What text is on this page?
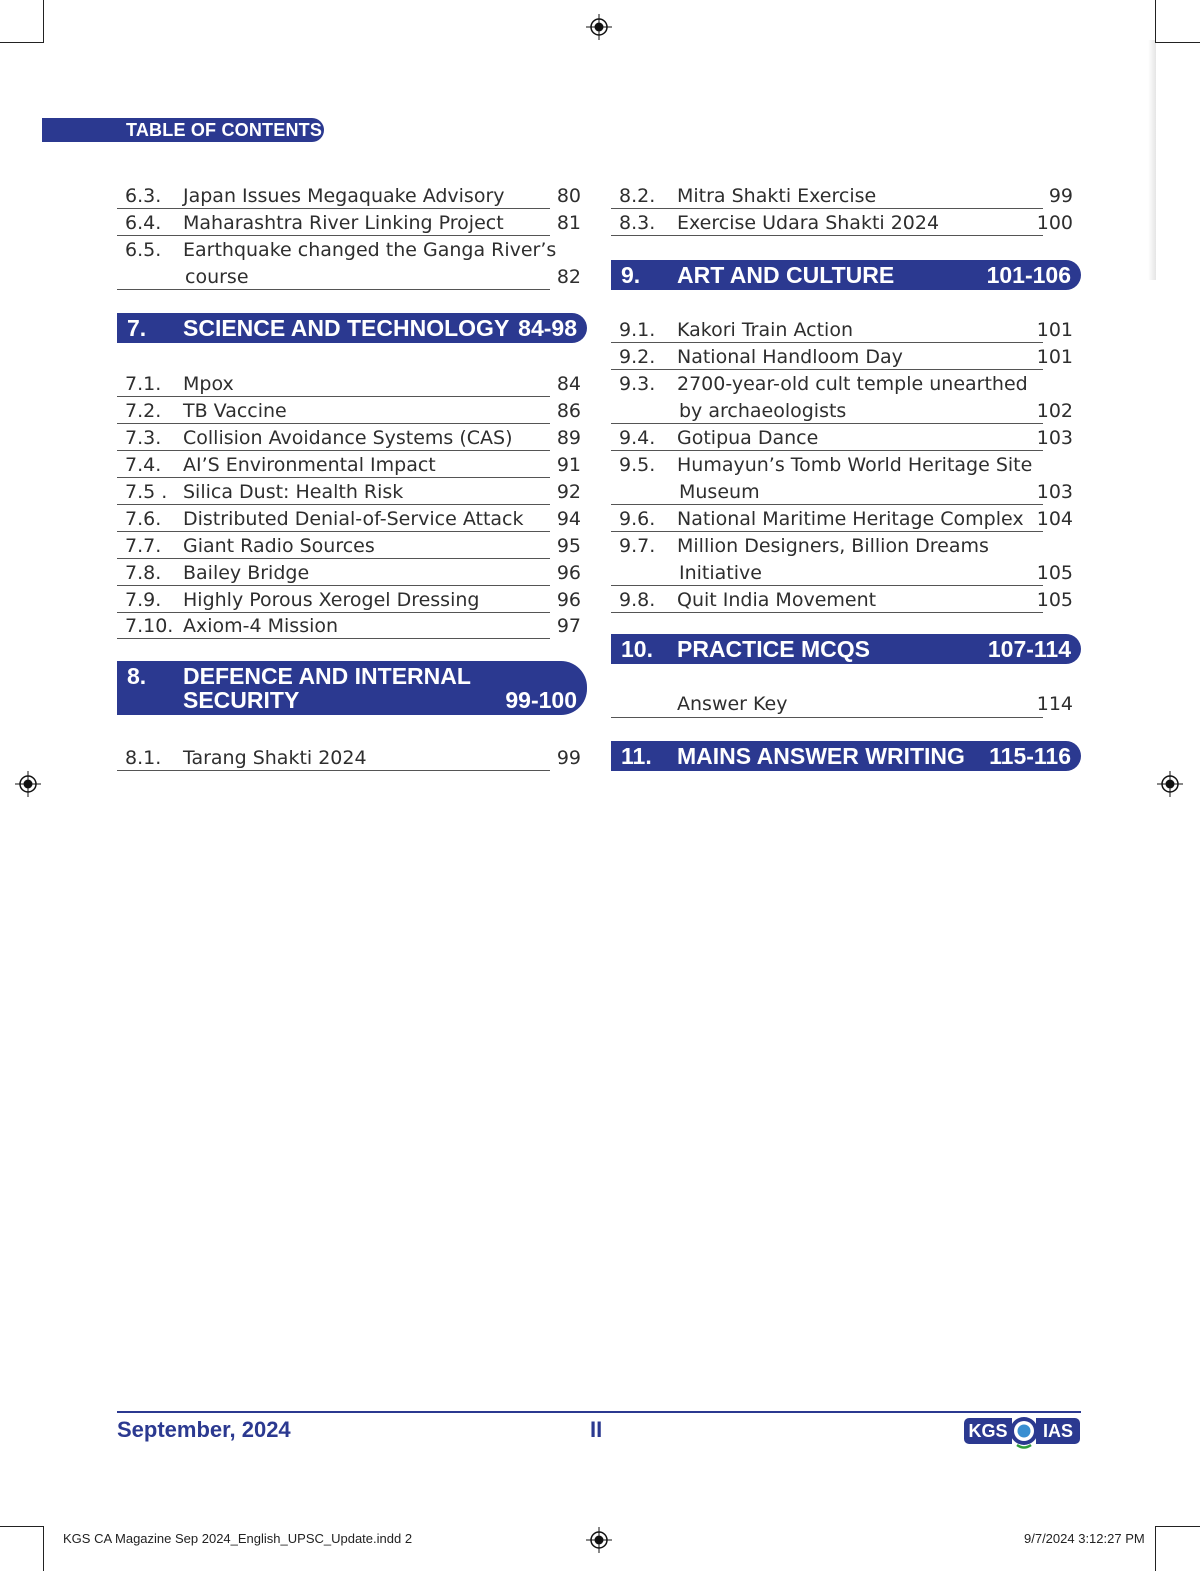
TABLE OF CONTENTS
6.3. Japan Issues Megaquake Advisory	80
6.4. Maharashtra River Linking Project	81
6.5. Earthquake changed the Ganga River’s
course	82
7. SCIENCE AND TECHNOLOGY 84-98
7.1. Mpox	84
7.2. TB Vaccine	86
7.3. Collision Avoidance Systems (CAS) 89
7.4. AI’S Environmental Impact	91
7.5 . Silica Dust: Health Risk	92
7.6. Distributed Denial-of-Service Attack 94
7.7. Giant Radio Sources	95
7.8. Bailey Bridge	96
7.9. Highly Porous Xerogel Dressing	96
7.10. Axiom-4 Mission	97
8. DEFENCE AND INTERNAL
SECURITY	99-100
8.1. Tarang Shakti 2024	99
8.2. Mitra Shakti Exercise	99
8.3. Exercise Udara Shakti 2024	100
9. ART AND CULTURE	101-106
9.1. Kakori Train Action	101
9.2. National Handloom Day	101
9.3. 2700-year-old cult temple unearthed
by archaeologists	102
9.4. Gotipua Dance	103
9.5. Humayun’s Tomb World Heritage Site
Museum	103
9.6. National Maritime Heritage Complex 104
9.7. Million Designers, Billion Dreams
Initiative	105
9.8. Quit India Movement	105
10. PRACTICE MCQS	107-114
Answer Key	114
11. MAINS ANSWER WRITING 115-116
September, 2024	II	KGS	IAS
KGS CA Magazine Sep 2024_English_UPSC_Update.indd 2	9/7/2024 3:12:27 PM
